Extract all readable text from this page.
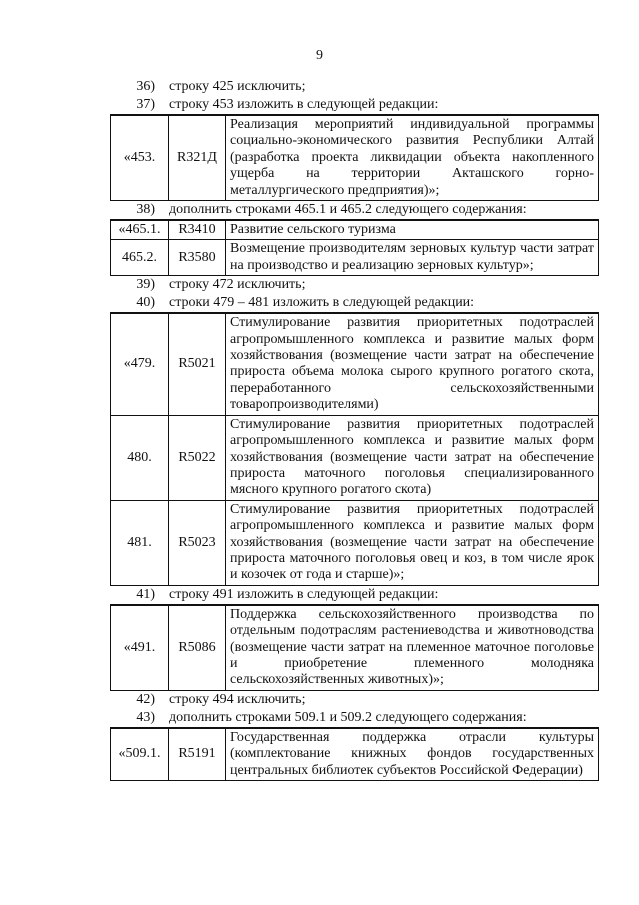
9
36)	строку 425 исключить;
37)	строку 453 изложить в следующей редакции:
«453.	R321Д	Реализация мероприятий индивидуальной программы социально-экономического развития Республики Алтай (разработка проекта ликвидации объекта накопленного ущерба на территории Акташского горно-металлургического предприятия)»;
38)	дополнить строками 465.1 и 465.2 следующего содержания:
«465.1.	R3410	Развитие сельского туризма
465.2.	R3580	Возмещение производителям зерновых культур части затрат на производство и реализацию зерновых культур»;
39)	строку 472 исключить;
40)	строки 479 – 481 изложить в следующей редакции:
«479.	R5021	Стимулирование развития приоритетных подотраслей агропромышленного комплекса и развитие малых форм хозяйствования (возмещение части затрат на обеспечение прироста объема молока сырого крупного рогатого скота, переработанного сельскохозяйственными товаропроизводителями)
480.	R5022	Стимулирование развития приоритетных подотраслей агропромышленного комплекса и развитие малых форм хозяйствования (возмещение части затрат на обеспечение прироста маточного поголовья специализированного мясного крупного рогатого скота)
481.	R5023	Стимулирование развития приоритетных подотраслей агропромышленного комплекса и развитие малых форм хозяйствования (возмещение части затрат на обеспечение прироста маточного поголовья овец и коз, в том числе ярок и козочек от года и старше)»;
41)	строку 491 изложить в следующей редакции:
«491.	R5086	Поддержка сельскохозяйственного производства по отдельным подотраслям растениеводства и животноводства (возмещение части затрат на племенное маточное поголовье и приобретение племенного молодняка сельскохозяйственных животных)»;
42)	строку 494 исключить;
43)	дополнить строками 509.1 и 509.2 следующего содержания:
«509.1.	R5191	Государственная поддержка отрасли культуры (комплектование книжных фондов государственных центральных библиотек субъектов Российской Федерации)
